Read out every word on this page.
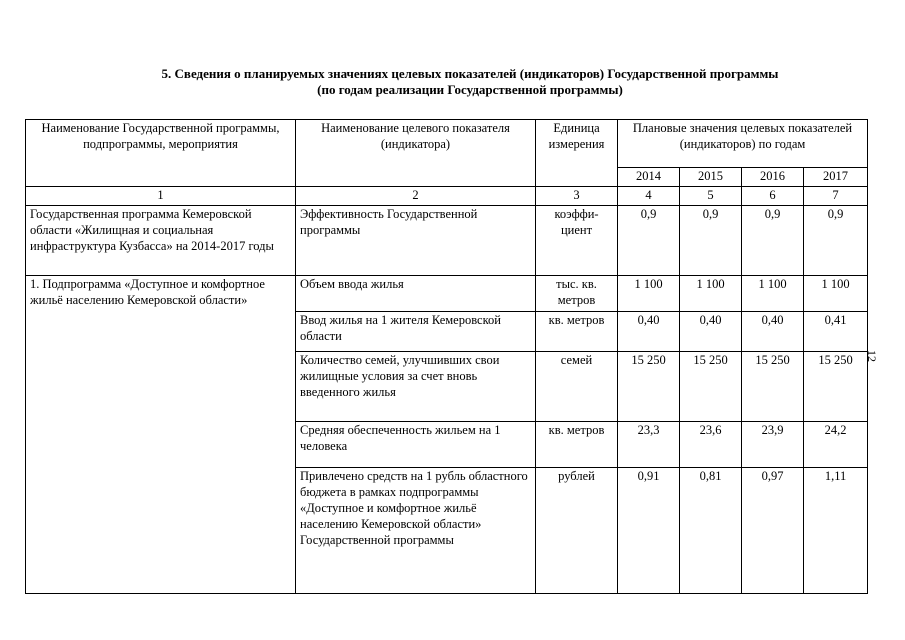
5. Сведения о планируемых значениях целевых показателей (индикаторов) Государственной программы
(по годам реализации Государственной программы)
Наименование Государственной программы, подпрограммы, мероприятия	Наименование целевого показателя (индикатора)	Единица измерения	Плановые значения целевых показателей (индикаторов) по годам			
			2014	2015	2016	2017
1	2	3	4	5	6	7
Государственная программа Кемеровской области «Жилищная и социальная инфраструктура Кузбасса» на 2014-2017 годы	Эффективность Государственной программы	коэффи-циент	0,9	0,9	0,9	0,9
1. Подпрограмма «Доступное и комфортное жильё населению Кемеровской области»	Объем ввода жилья	тыс. кв. метров	1 100	1 100	1 100	1 100
	Ввод жилья на 1 жителя Кемеровской области	кв. метров	0,40	0,40	0,40	0,41
	Количество семей, улучшивших свои жилищные условия за счет вновь введенного жилья	семей	15 250	15 250	15 250	15 250
	Средняя обеспеченность жильем на 1 человека	кв. метров	23,3	23,6	23,9	24,2
	Привлечено средств на 1 рубль областного бюджета в рамках подпрограммы «Доступное и комфортное жильё населению Кемеровской области» Государственной программы	рублей	0,91	0,81	0,97	1,11
12
